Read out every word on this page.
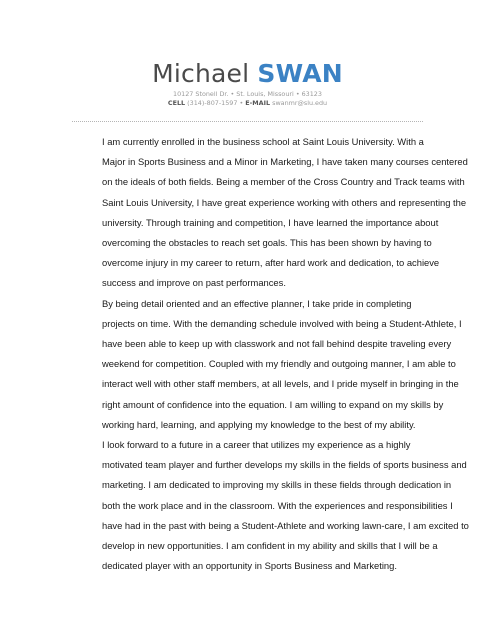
Michael SWAN
10127 Stonell Dr. • St. Louis, Missouri • 63123
CELL (314)-807-1597 • E-MAIL swanmr@slu.edu

I am currently enrolled in the business school at Saint Louis University. With a
Major in Sports Business and a Minor in Marketing, I have taken many courses centered
on the ideals of both fields. Being a member of the Cross Country and Track teams with
Saint Louis University, I have great experience working with others and representing the
university. Through training and competition, I have learned the importance about
overcoming the obstacles to reach set goals. This has been shown by having to
overcome injury in my career to return, after hard work and dedication, to achieve
success and improve on past performances.

By being detail oriented and an effective planner, I take pride in completing
projects on time. With the demanding schedule involved with being a Student-Athlete, I
have been able to keep up with classwork and not fall behind despite traveling every
weekend for competition. Coupled with my friendly and outgoing manner, I am able to
interact well with other staff members, at all levels, and I pride myself in bringing in the
right amount of confidence into the equation. I am willing to expand on my skills by
working hard, learning, and applying my knowledge to the best of my ability.

I look forward to a future in a career that utilizes my experience as a highly
motivated team player and further develops my skills in the fields of sports business and
marketing. I am dedicated to improving my skills in these fields through dedication in
both the work place and in the classroom. With the experiences and responsibilities I
have had in the past with being a Student-Athlete and working lawn-care, I am excited to
develop in new opportunities. I am confident in my ability and skills that I will be a
dedicated player with an opportunity in Sports Business and Marketing.
